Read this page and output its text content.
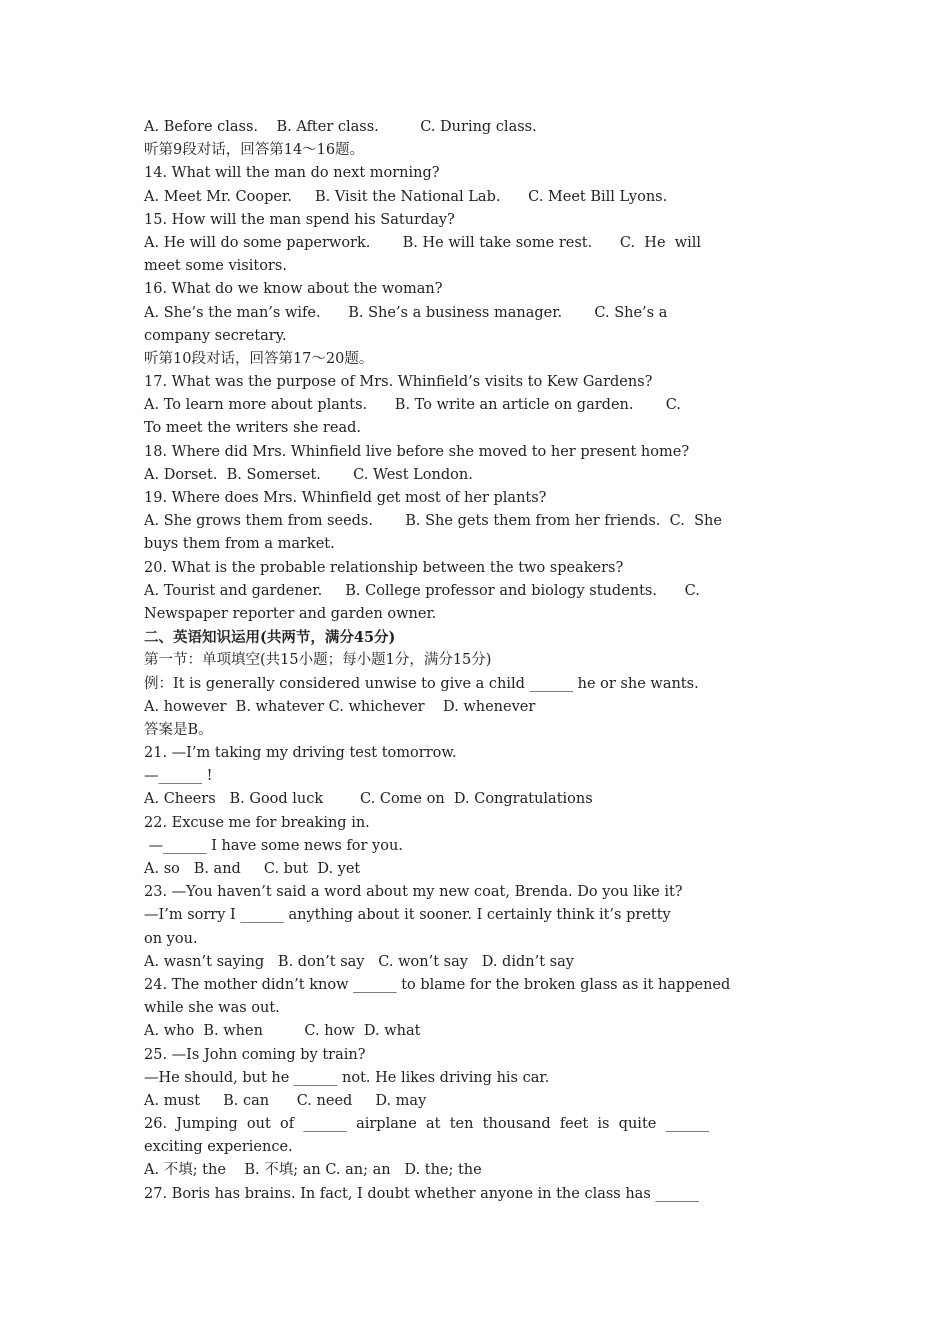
A. Before class.    B. After class.         C. During class.
听第9段对话，回答第14～16题。
14. What will the man do next morning?
A. Meet Mr. Cooper.     B. Visit the National Lab.      C. Meet Bill Lyons.
15. How will the man spend his Saturday?
A. He will do some paperwork.       B. He will take some rest.      C.  He  will
meet some visitors.
16. What do we know about the woman?
A. She’s the man’s wife.      B. She’s a business manager.       C. She’s a
company secretary.
听第10段对话，回答第17～20题。
17. What was the purpose of Mrs. Whinfield’s visits to Kew Gardens?
A. To learn more about plants.      B. To write an article on garden.       C.
To meet the writers she read.
18. Where did Mrs. Whinfield live before she moved to her present home?
A. Dorset.  B. Somerset.       C. West London.
19. Where does Mrs. Whinfield get most of her plants?
A. She grows them from seeds.       B. She gets them from her friends.  C.  She
buys them from a market.
20. What is the probable relationship between the two speakers?
A. Tourist and gardener.     B. College professor and biology students.      C.
Newspaper reporter and garden owner.
二、英语知识运用(共两节，满分45分)
第一节：单项填空(共15小题；每小题1分，满分15分)
例：It is generally considered unwise to give a child ______ he or she wants.
A. however  B. whatever C. whichever    D. whenever
答案是B。
21. —I’m taking my driving test tomorrow.
—______ !
A. Cheers   B. Good luck        C. Come on  D. Congratulations
22. Excuse me for breaking in.
—______ I have some news for you.
A. so   B. and     C. but  D. yet
23. —You haven’t said a word about my new coat, Brenda. Do you like it?
—I’m sorry I ______ anything about it sooner. I certainly think it’s pretty
on you.
A. wasn’t saying   B. don’t say   C. won’t say   D. didn’t say
24. The mother didn’t know ______ to blame for the broken glass as it happened
while she was out.
A. who  B. when         C. how  D. what
25. —Is John coming by train?
—He should, but he ______ not. He likes driving his car.
A. must     B. can      C. need     D. may
26.  Jumping  out  of  ______  airplane  at  ten  thousand  feet  is  quite  ______
exciting experience.
A. 不填; the    B. 不填; an C. an; an   D. the; the
27. Boris has brains. In fact, I doubt whether anyone in the class has ______
